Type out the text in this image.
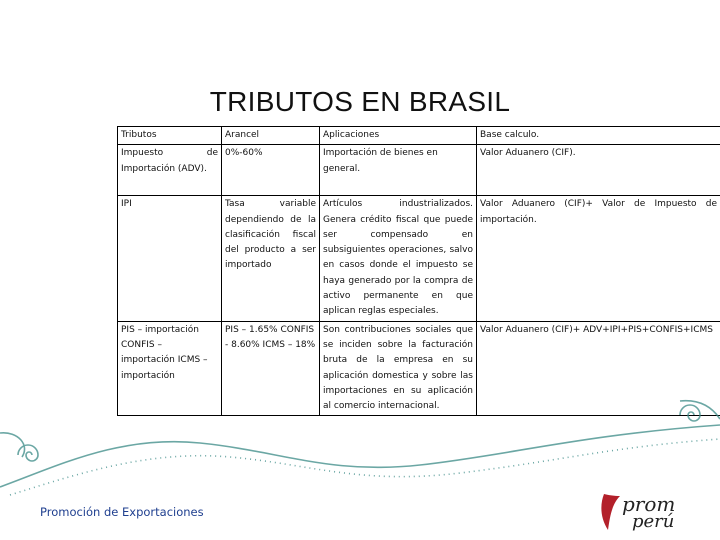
TRIBUTOS EN BRASIL
Tributos	Arancel	Aplicaciones	Base calculo.
Impuesto de Importación (ADV).	0%-60%	Importación de bienes en general.	Valor Aduanero (CIF).
IPI	Tasa variable dependiendo de la clasificación fiscal del producto a ser importado	Artículos industrializados. Genera crédito fiscal que puede ser compensado en subsiguientes operaciones, salvo en casos donde el impuesto se haya generado por la compra de activo permanente en que aplican reglas especiales.	Valor Aduanero (CIF)+ Valor de Impuesto de importación.
PIS – importación CONFIS – importación ICMS – importación	PIS – 1.65% CONFIS - 8.60% ICMS – 18%	Son contribuciones sociales que se inciden sobre la facturación bruta de la empresa en su aplicación domestica y sobre las importaciones en su aplicación al comercio internacional.	Valor Aduanero (CIF)+ ADV+IPI+PIS+CONFIS+ICMS
Promoción de Exportaciones	prom
perú
